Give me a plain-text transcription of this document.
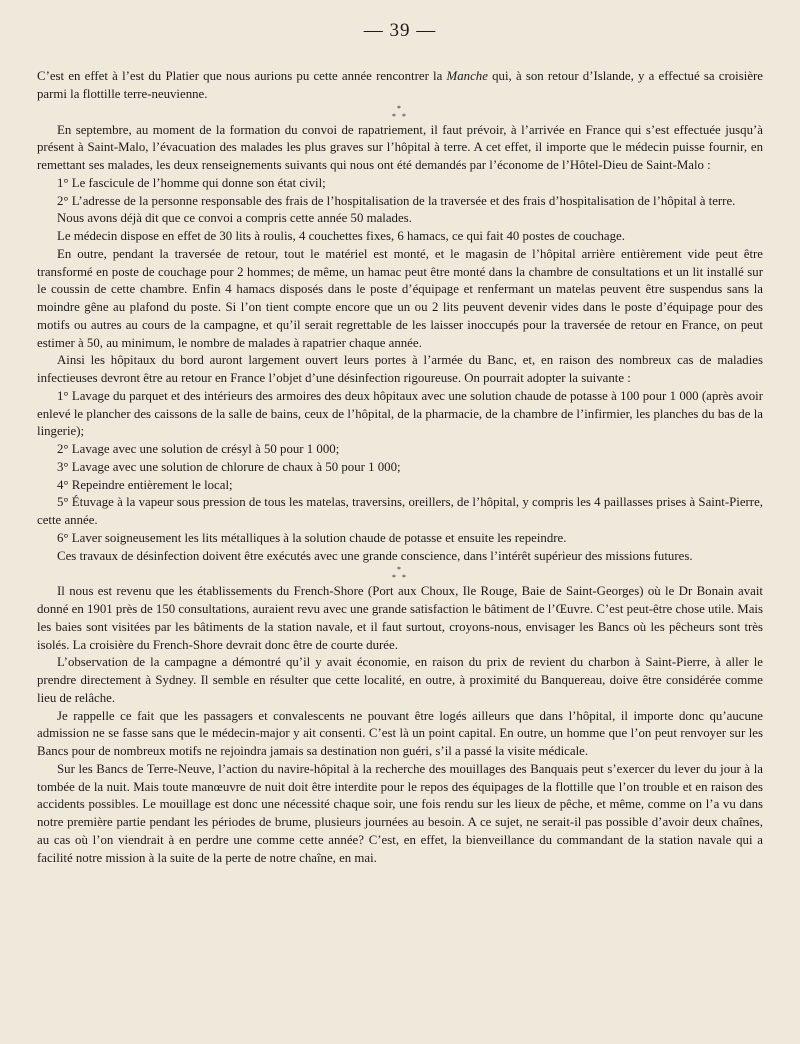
— 39 —

C’est en effet à l’est du Platier que nous aurions pu cette année rencontrer la Manche qui, à son retour d’Islande, y a effectué sa croisière parmi la flottille terre-neuvienne.

*
* *

En septembre, au moment de la formation du convoi de rapatriement, il faut prévoir, à l’arrivée en France qui s’est effectuée jusqu’à présent à Saint-Malo, l’évacuation des malades les plus graves sur l’hôpital à terre. A cet effet, il importe que le médecin puisse fournir, en remettant ses malades, les deux renseignements suivants qui nous ont été demandés par l’économe de l’Hôtel-Dieu de Saint-Malo :

1° Le fascicule de l’homme qui donne son état civil;

2° L’adresse de la personne responsable des frais de l’hospitalisation de la traversée et des frais d’hospitalisation de l’hôpital à terre.

Nous avons déjà dit que ce convoi a compris cette année 50 malades.

Le médecin dispose en effet de 30 lits à roulis, 4 couchettes fixes, 6 hamacs, ce qui fait 40 postes de couchage.

En outre, pendant la traversée de retour, tout le matériel est monté, et le magasin de l’hôpital arrière entièrement vide peut être transformé en poste de couchage pour 2 hommes; de même, un hamac peut être monté dans la chambre de consultations et un lit installé sur le coussin de cette chambre. Enfin 4 hamacs disposés dans le poste d’équipage et renfermant un matelas peuvent être suspendus sans la moindre gêne au plafond du poste. Si l’on tient compte encore que un ou 2 lits peuvent devenir vides dans le poste d’équipage pour des motifs ou autres au cours de la campagne, et qu’il serait regrettable de les laisser inoccupés pour la traversée de retour en France, on peut estimer à 50, au minimum, le nombre de malades à rapatrier chaque année.

Ainsi les hôpitaux du bord auront largement ouvert leurs portes à l’armée du Banc, et, en raison des nombreux cas de maladies infectieuses devront être au retour en France l’objet d’une désinfection rigoureuse. On pourrait adopter la suivante :

1° Lavage du parquet et des intérieurs des armoires des deux hôpitaux avec une solution chaude de potasse à 100 pour 1 000 (après avoir enlevé le plancher des caissons de la salle de bains, ceux de l’hôpital, de la pharmacie, de la chambre de l’infirmier, les planches du bas de la lingerie);

2° Lavage avec une solution de crésyl à 50 pour 1 000;

3° Lavage avec une solution de chlorure de chaux à 50 pour 1 000;

4° Repeindre entièrement le local;

5° Étuvage à la vapeur sous pression de tous les matelas, traversins, oreillers, de l’hôpital, y compris les 4 paillasses prises à Saint-Pierre, cette année.

6° Laver soigneusement les lits métalliques à la solution chaude de potasse et ensuite les repeindre.

Ces travaux de désinfection doivent être exécutés avec une grande conscience, dans l’intérêt supérieur des missions futures.

*
* *

Il nous est revenu que les établissements du French-Shore (Port aux Choux, Ile Rouge, Baie de Saint-Georges) où le Dr Bonain avait donné en 1901 près de 150 consultations, auraient revu avec une grande satisfaction le bâtiment de l’Œuvre. C’est peut-être chose utile. Mais les baies sont visitées par les bâtiments de la station navale, et il faut surtout, croyons-nous, envisager les Bancs où les pêcheurs sont très isolés. La croisière du French-Shore devrait donc être de courte durée.

L’observation de la campagne a démontré qu’il y avait économie, en raison du prix de revient du charbon à Saint-Pierre, à aller le prendre directement à Sydney. Il semble en résulter que cette localité, en outre, à proximité du Banquereau, doive être considérée comme lieu de relâche.

Je rappelle ce fait que les passagers et convalescents ne pouvant être logés ailleurs que dans l’hôpital, il importe donc qu’aucune admission ne se fasse sans que le médecin-major y ait consenti. C’est là un point capital. En outre, un homme que l’on peut renvoyer sur les Bancs pour de nombreux motifs ne rejoindra jamais sa destination non guéri, s’il a passé la visite médicale.

Sur les Bancs de Terre-Neuve, l’action du navire-hôpital à la recherche des mouillages des Banquais peut s’exercer du lever du jour à la tombée de la nuit. Mais toute manœuvre de nuit doit être interdite pour le repos des équipages de la flottille que l’on trouble et en raison des accidents possibles. Le mouillage est donc une nécessité chaque soir, une fois rendu sur les lieux de pêche, et même, comme on l’a vu dans notre première partie pendant les périodes de brume, plusieurs journées au besoin. A ce sujet, ne serait-il pas possible d’avoir deux chaînes, au cas où l’on viendrait à en perdre une comme cette année? C’est, en effet, la bienveillance du commandant de la station navale qui a facilité notre mission à la suite de la perte de notre chaîne, en mai.
